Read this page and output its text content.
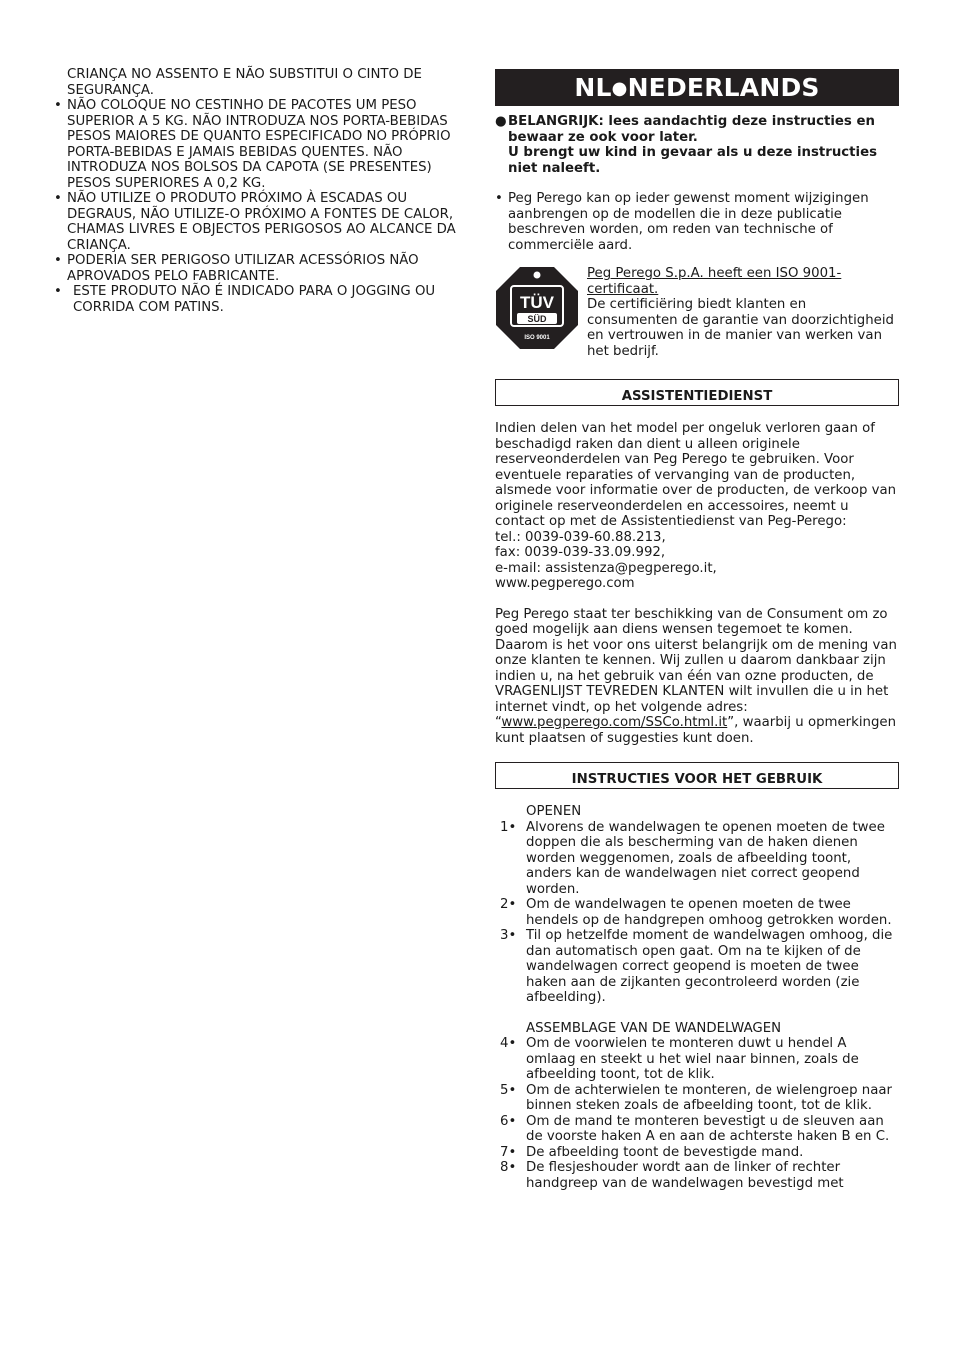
CRIANÇA NO ASSENTO E NÃO SUBSTITUI O CINTO DE SEGURANÇA.

• NÃO COLOQUE NO CESTINHO DE PACOTES UM PESO SUPERIOR A 5 KG. NÃO INTRODUZA NOS PORTA-BEBIDAS PESOS MAIORES DE QUANTO ESPECIFICADO NO PRÓPRIO PORTA-BEBIDAS E JAMAIS BEBIDAS QUENTES. NÃO INTRODUZA NOS BOLSOS DA CAPOTA (SE PRESENTES) PESOS SUPERIORES A 0,2 KG.

• NÃO UTILIZE O PRODUTO PRÓXIMO À ESCADAS OU DEGRAUS, NÃO UTILIZE-O PRÓXIMO A FONTES DE CALOR, CHAMAS LIVRES E OBJECTOS PERIGOSOS AO ALCANCE DA CRIANÇA.

• PODERIA SER PERIGOSO UTILIZAR ACESSÓRIOS NÃO APROVADOS PELO FABRICANTE.

• ESTE PRODUTO NÃO É INDICADO PARA O JOGGING OU CORRIDA COM PATINS.

NL●NEDERLANDS

● BELANGRIJK: lees aandachtig deze instructies en bewaar ze ook voor later.

U brengt uw kind in gevaar als u deze instructies niet naleeft.

• Peg Perego kan op ieder gewenst moment wijzigingen aanbrengen op de modellen die in deze publicatie beschreven worden, om reden van technische of commerciële aard.

TÜV
SÜD
ISO 9001

Peg Perego S.p.A. heeft een ISO 9001-certificaat.

De certificiëring biedt klanten en consumenten de garantie van doorzichtigheid en vertrouwen in de manier van werken van het bedrijf.

ASSISTENTIEDIENST

Indien delen van het model per ongeluk verloren gaan of beschadigd raken dan dient u alleen originele reserveonderdelen van Peg Perego te gebruiken. Voor eventuele reparaties of vervanging van de producten, alsmede voor informatie over de producten, de verkoop van originele reserveonderdelen en accessoires, neemt u contact op met de Assistentiedienst van Peg-Perego:

tel.: 0039-039-60.88.213,

fax: 0039-039-33.09.992,

e-mail: assistenza@pegperego.it,

www.pegperego.com

Peg Perego staat ter beschikking van de Consument om zo goed mogelijk aan diens wensen tegemoet te komen. Daarom is het voor ons uiterst belangrijk om de mening van onze klanten te kennen. Wij zullen u daarom dankbaar zijn indien u, na het gebruik van één van ozne producten, de VRAGENLIJST TEVREDEN KLANTEN wilt invullen die u in het internet vindt, op het volgende adres: “www.pegperego.com/SSCo.html.it”, waarbij u opmerkingen kunt plaatsen of suggesties kunt doen.

INSTRUCTIES VOOR HET GEBRUIK

OPENEN

1• Alvorens de wandelwagen te openen moeten de twee doppen die als bescherming van de haken dienen worden weggenomen, zoals de afbeelding toont, anders kan de wandelwagen niet correct geopend worden.

2• Om de wandelwagen te openen moeten de twee hendels op de handgrepen omhoog getrokken worden.

3• Til op hetzelfde moment de wandelwagen omhoog, die dan automatisch open gaat. Om na te kijken of de wandelwagen correct geopend is moeten de twee haken aan de zijkanten gecontroleerd worden (zie afbeelding).

ASSEMBLAGE VAN DE WANDELWAGEN

4• Om de voorwielen te monteren duwt u hendel A omlaag en steekt u het wiel naar binnen, zoals de afbeelding toont, tot de klik.

5• Om de achterwielen te monteren, de wielengroep naar binnen steken zoals de afbeelding toont, tot de klik.

6• Om de mand te monteren bevestigt u de sleuven aan de voorste haken A en aan de achterste haken B en C.

7• De afbeelding toont de bevestigde mand.

8• De flesjeshouder wordt aan de linker of rechter handgreep van de wandelwagen bevestigd met
